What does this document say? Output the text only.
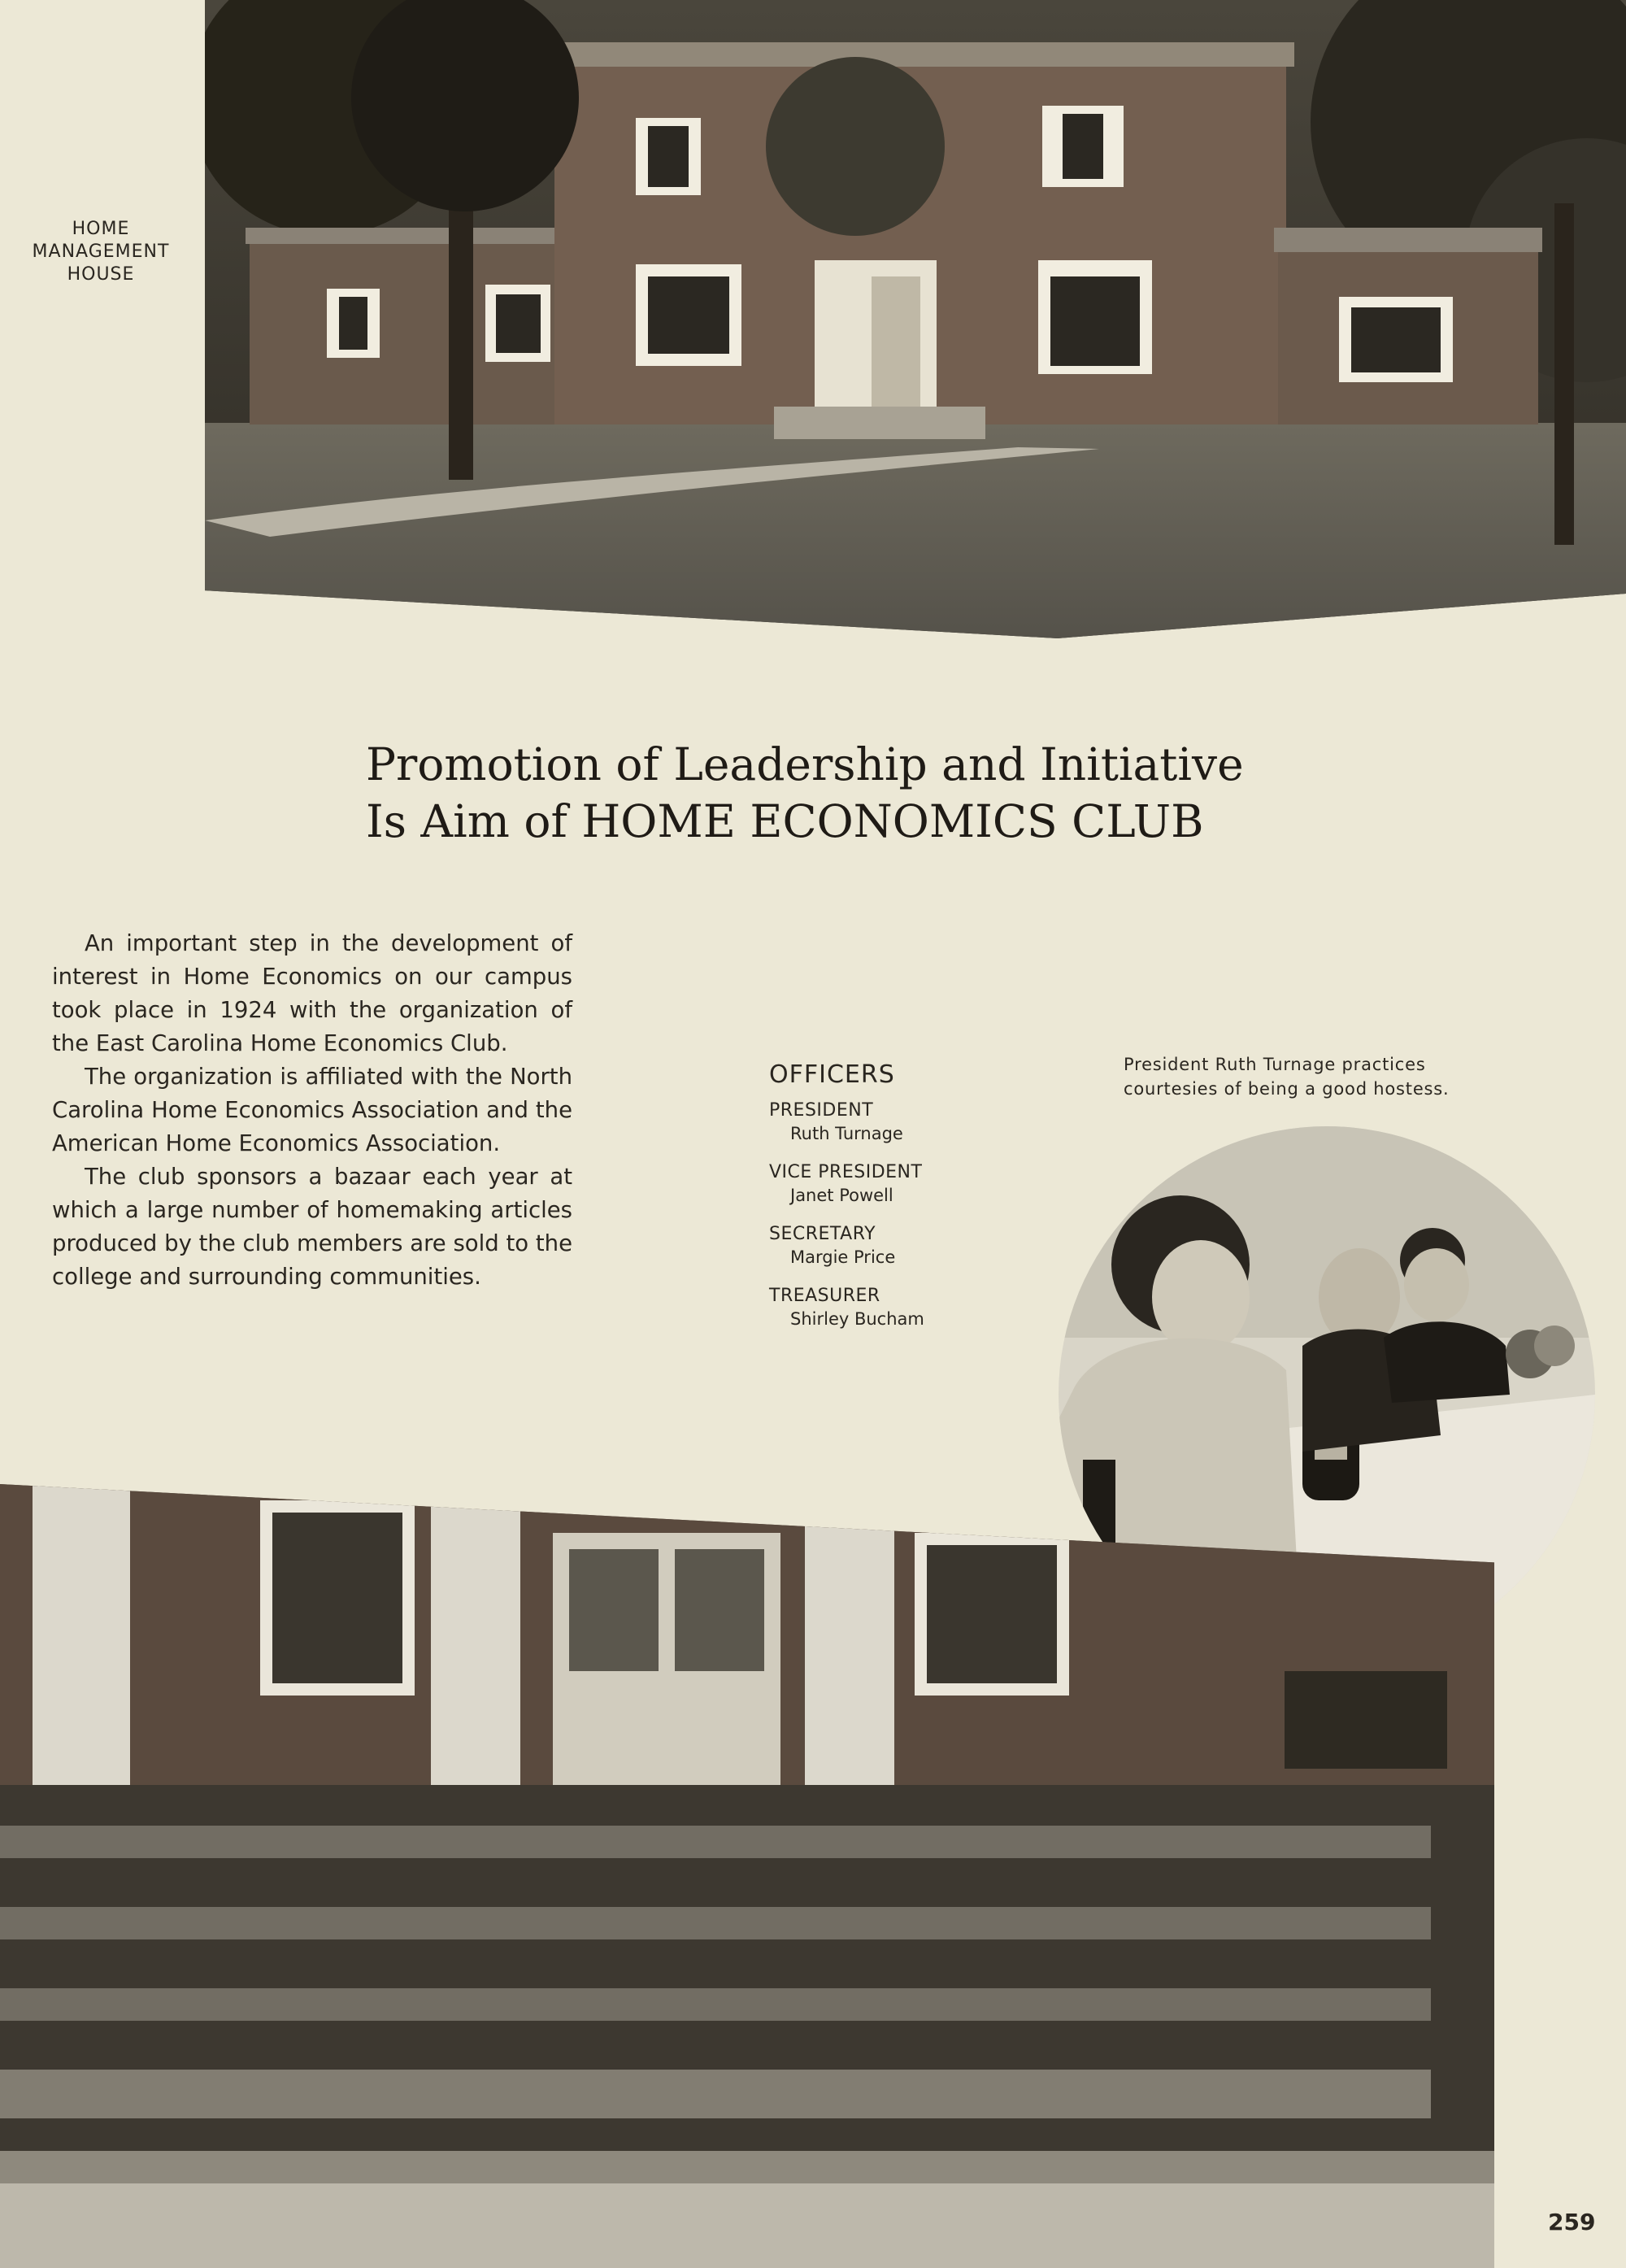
HOME
MANAGEMENT
HOUSE
Promotion of Leadership and Initiative
Is Aim of HOME ECONOMICS CLUB

An important step in the development of interest in Home Economics on our campus took place in 1924 with the organization of the East Carolina Home Economics Club.

The organization is affiliated with the North Carolina Home Economics Association and the American Home Economics Association.

The club sponsors a bazaar each year at which a large number of homemaking articles produced by the club members are sold to the college and surrounding communities.

OFFICERS
PRESIDENT
Ruth Turnage
VICE PRESIDENT
Janet Powell
SECRETARY
Margie Price
TREASURER
Shirley Bucham
President Ruth Turnage practices courtesies of being a good hostess.
259
